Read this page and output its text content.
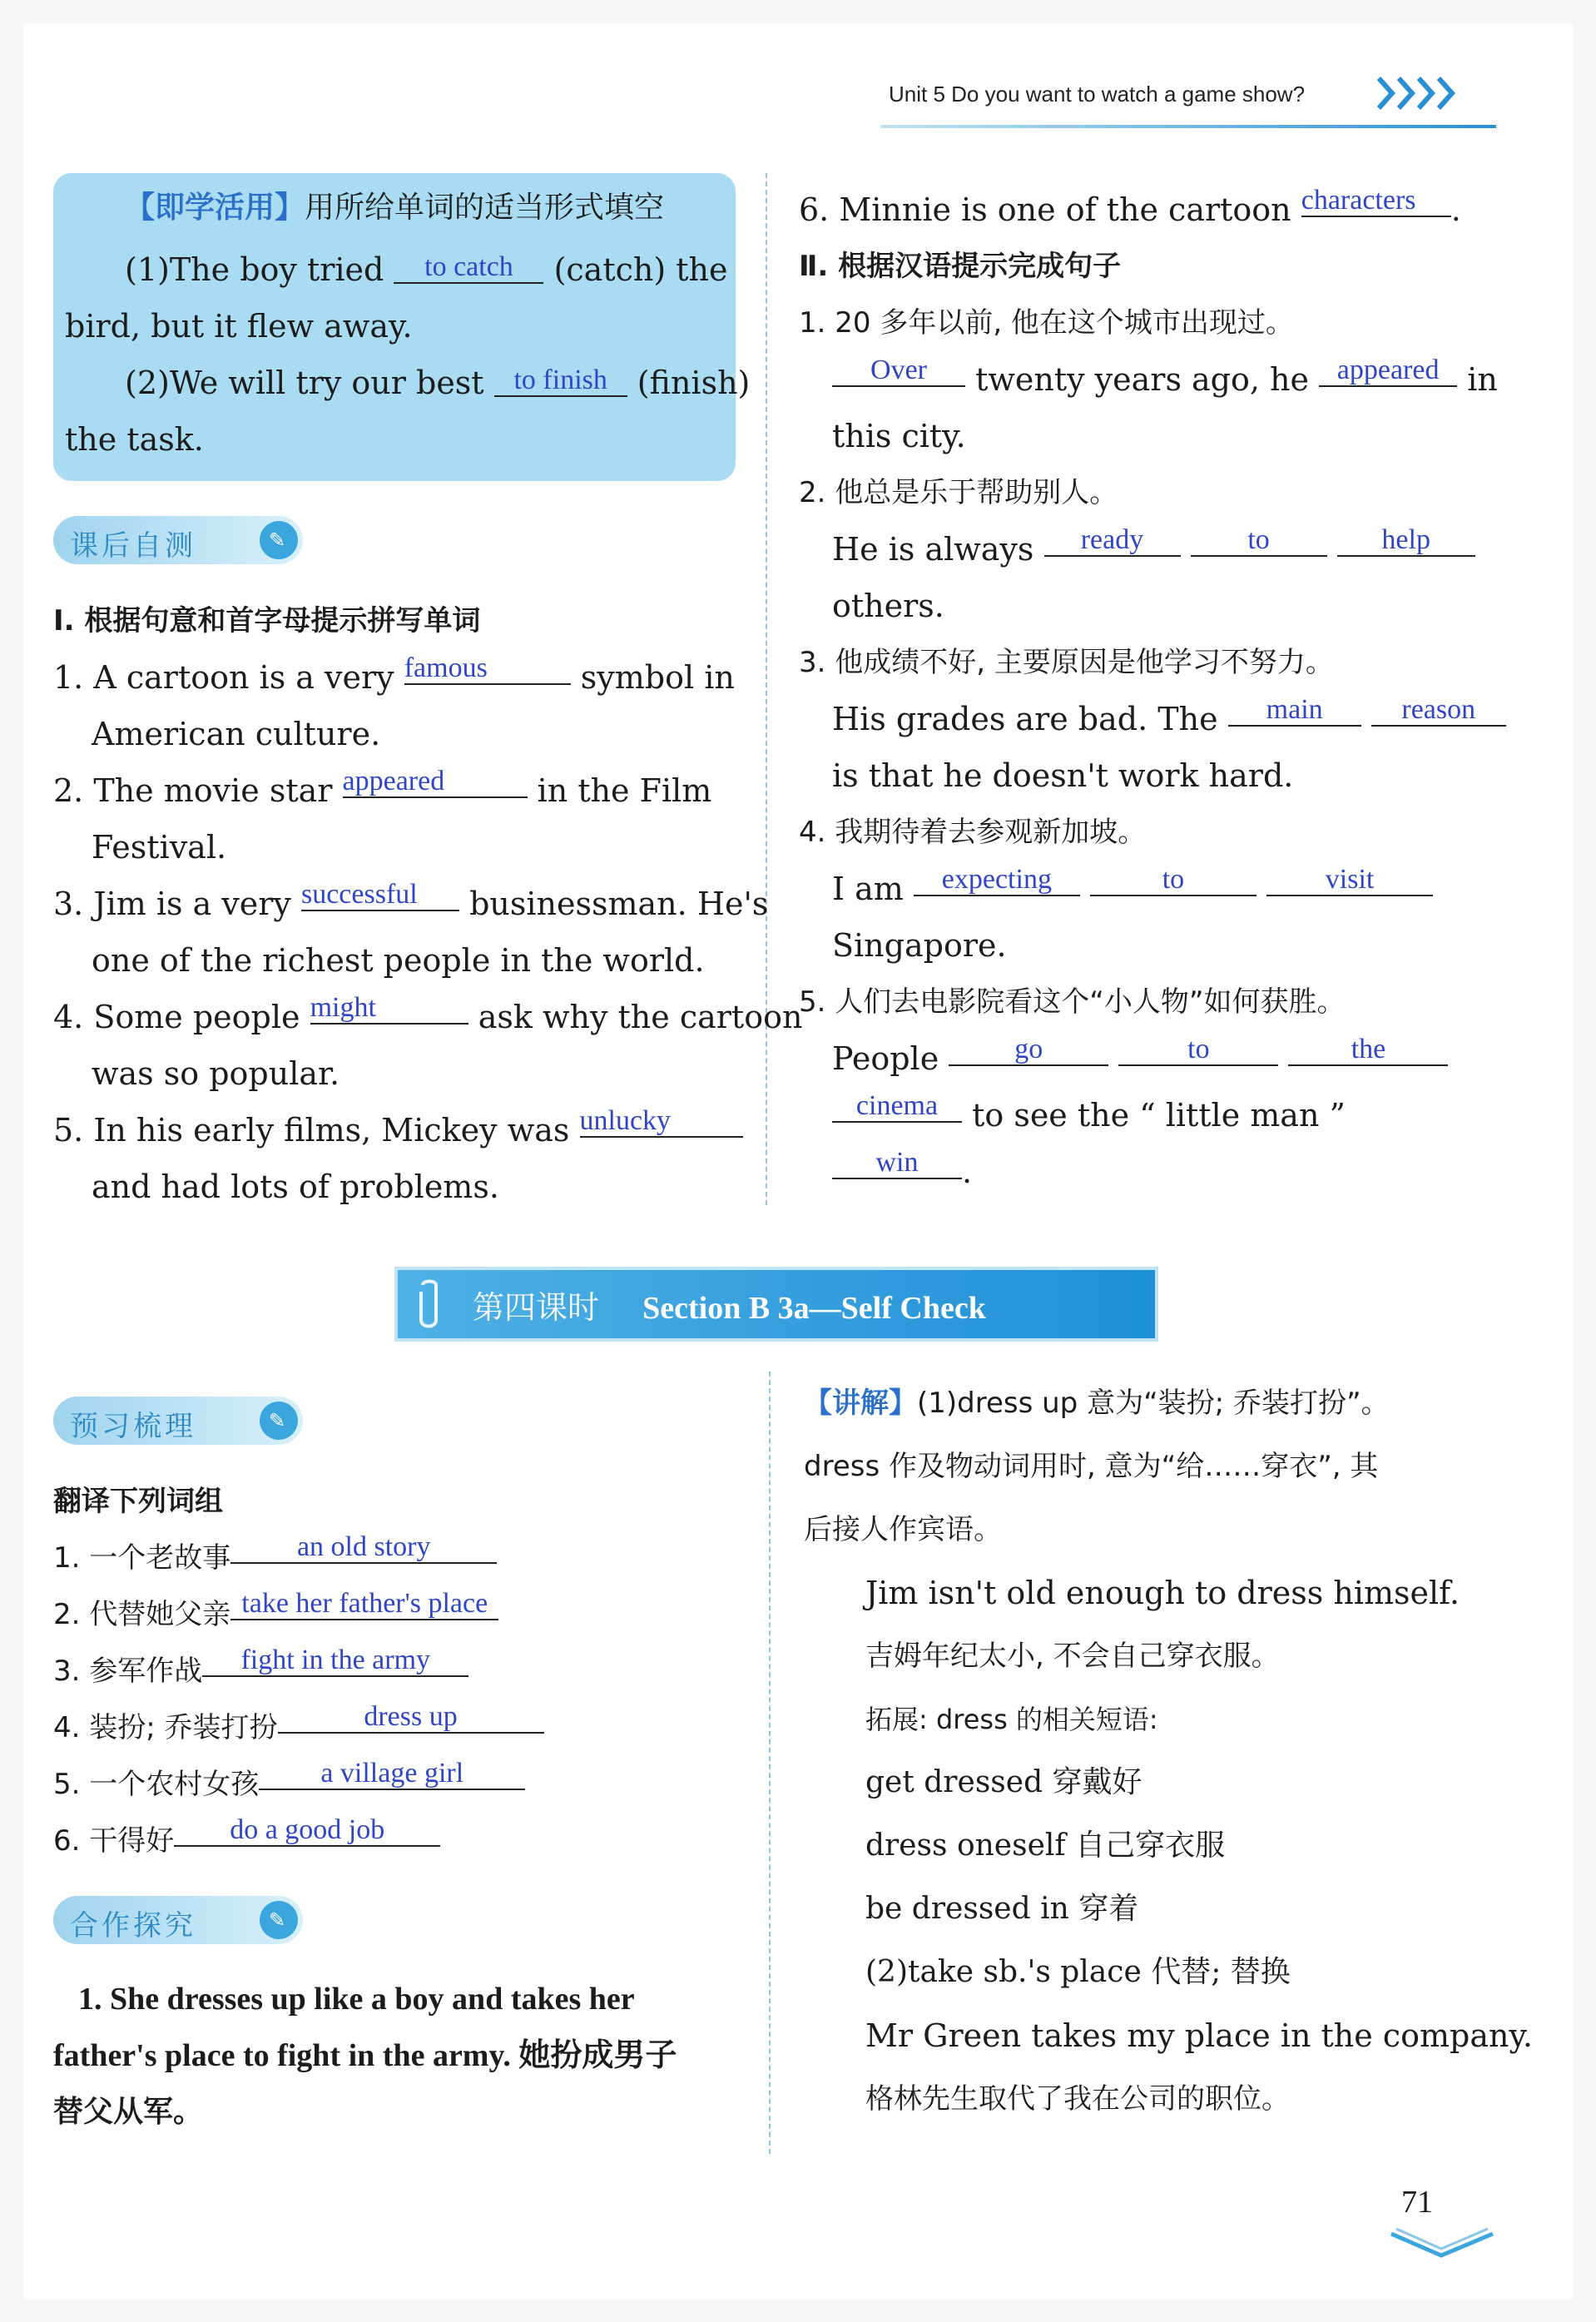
Unit 5 Do you want to watch a game show?
【即学活用】用所给单词的适当形式填空
(1)The boy tried to catch (catch) the
bird, but it flew away.
(2)We will try our best to finish (finish)
the task.
课后自测	✎
Ⅰ. 根据句意和首字母提示拼写单词
1. A cartoon is a very famous	symbol in
American culture.
2. The movie star appeared	in the Film
Festival.
3. Jim is a very successful businessman. He's
one of the richest people in the world.
4. Some people might	ask why the cartoon
was so popular.
5. In his early films, Mickey was unlucky
and had lots of problems.
6. Minnie is one of the cartoon characters .
Ⅱ. 根据汉语提示完成句子
1. 20 多年以前, 他在这个城市出现过。
Over twenty years ago, he appeared in
this city.
2. 他总是乐于帮助别人。
He is always ready	to	help
others.
3. 他成绩不好, 主要原因是他学习不努力。
His grades are bad. The main	reason
is that he doesn't work hard.
4. 我期待着去参观新加坡。
I am expecting	to	visit
Singapore.
5. 人们去电影院看这个“小人物”如何获胜。
People	go	to	the
cinema to see the “ little man ”
win .
第四课时 Section B 3a—Self Check
预习梳理	✎
翻译下列词组
1. 一个老故事 an old story
2. 代替她父亲 take her father's place
3. 参军作战 fight in the army
4. 装扮; 乔装打扮	dress up
5. 一个农村女孩 a village girl
6. 干得好 do a good job
合作探究	✎
1. She dresses up like a boy and takes her
father's place to fight in the army. 她扮成男子
替父从军。
【讲解】(1)dress up 意为“装扮; 乔装打扮”。
dress 作及物动词用时, 意为“给……穿衣”, 其
后接人作宾语。
Jim isn't old enough to dress himself.
吉姆年纪太小, 不会自己穿衣服。
拓展: dress 的相关短语:
get dressed 穿戴好
dress oneself 自己穿衣服
be dressed in 穿着
(2)take sb.'s place 代替; 替换
Mr Green takes my place in the company.
格林先生取代了我在公司的职位。
71
